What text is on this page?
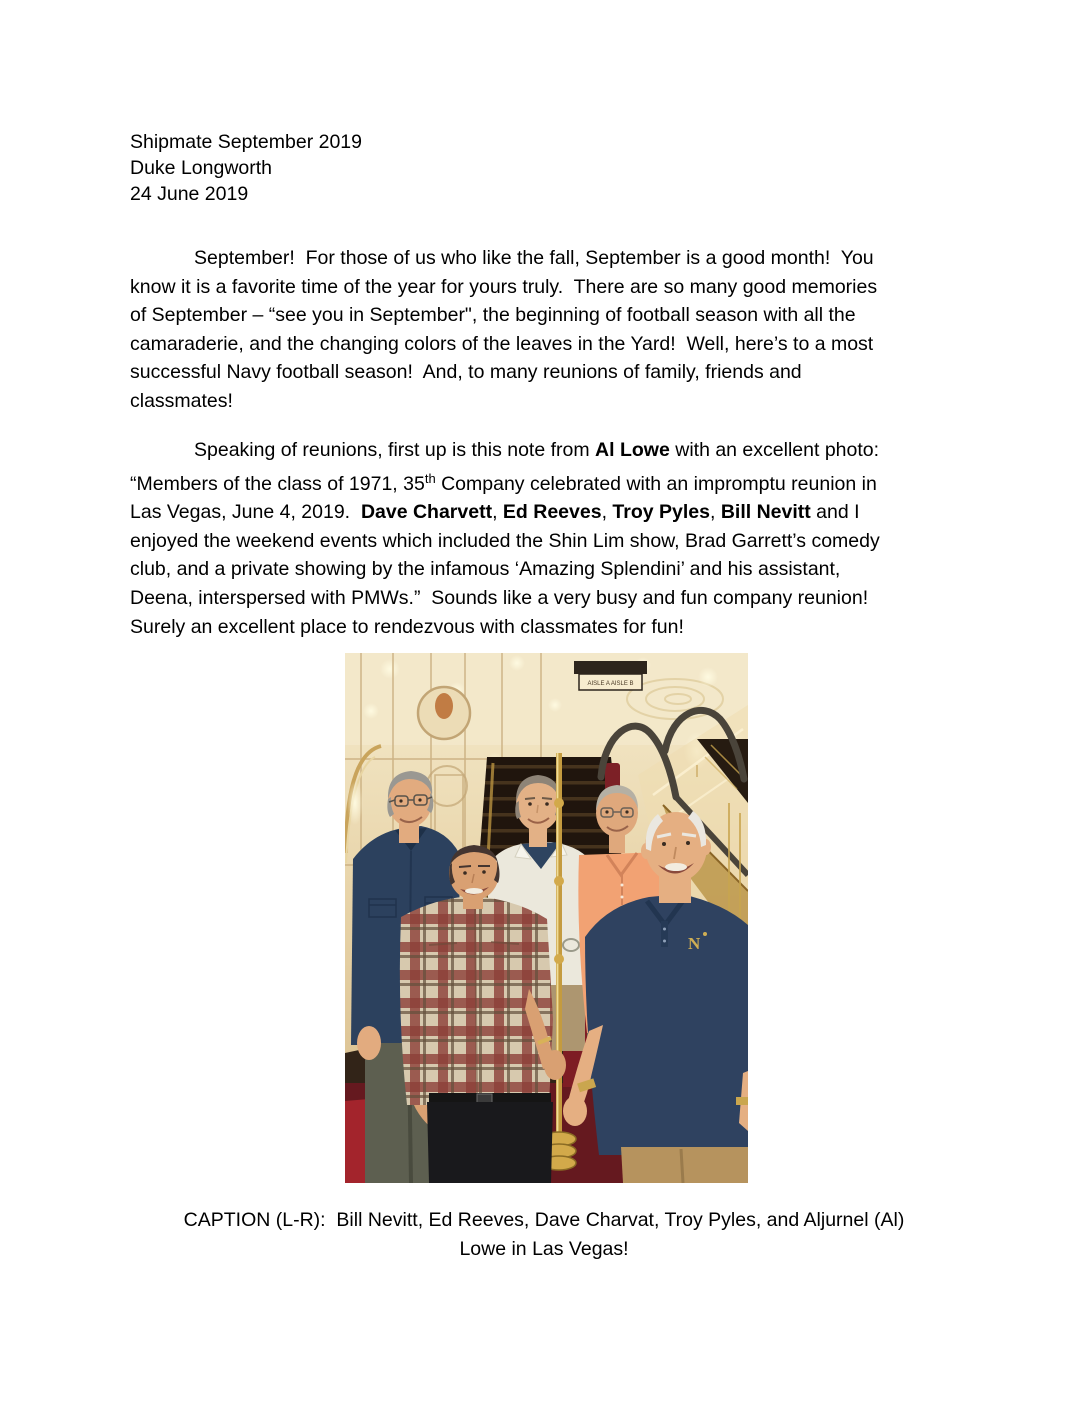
Shipmate September 2019
Duke Longworth
24 June 2019
September!  For those of us who like the fall, September is a good month!  You
know it is a favorite time of the year for yours truly.  There are so many good memories
of September – “see you in September", the beginning of football season with all the
camaraderie, and the changing colors of the leaves in the Yard!  Well, here’s to a most
successful Navy football season!  And, to many reunions of family, friends and
classmates!
Speaking of reunions, first up is this note from Al Lowe with an excellent photo:
“Members of the class of 1971, 35th Company celebrated with an impromptu reunion in
Las Vegas, June 4, 2019.  Dave Charvett, Ed Reeves, Troy Pyles, Bill Nevitt and I
enjoyed the weekend events which included the Shin Lim show, Brad Garrett’s comedy
club, and a private showing by the infamous ‘Amazing Splendini’ and his assistant,
Deena, interspersed with PMWs.”  Sounds like a very busy and fun company reunion!
Surely an excellent place to rendezvous with classmates for fun!
AISLE A AISLE B
N
CAPTION (L-R):  Bill Nevitt, Ed Reeves, Dave Charvat, Troy Pyles, and Aljurnel (Al)
Lowe in Las Vegas!
